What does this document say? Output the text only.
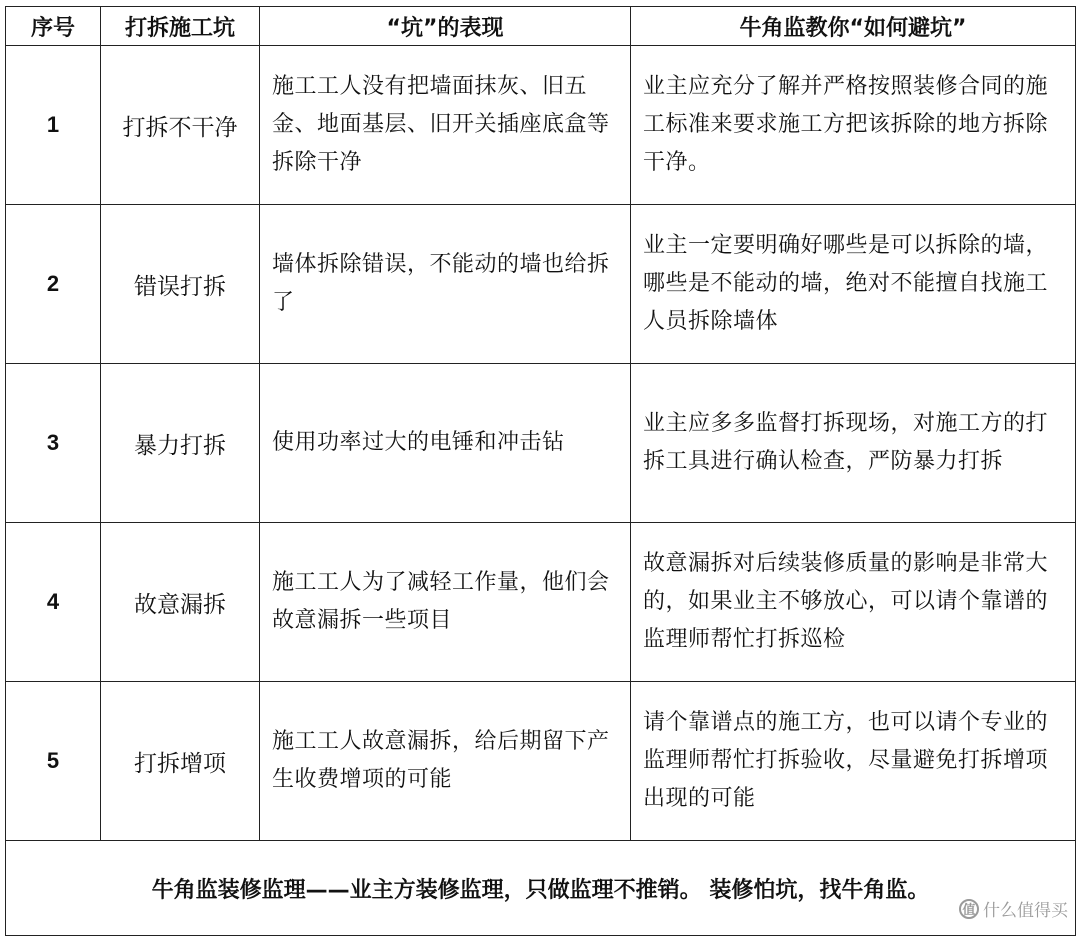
序号	打拆施工坑	“坑”的表现	牛角监教你“如何避坑”
1	打拆不干净	施工工人没有把墙面抹灰、旧五金、地面基层、旧开关插座底盒等拆除干净	业主应充分了解并严格按照装修合同的施工标准来要求施工方把该拆除的地方拆除干净。
2	错误打拆	墙体拆除错误，不能动的墙也给拆了	业主一定要明确好哪些是可以拆除的墙，哪些是不能动的墙，绝对不能擅自找施工人员拆除墙体
3	暴力打拆	使用功率过大的电锤和冲击钻	业主应多多监督打拆现场，对施工方的打拆工具进行确认检查，严防暴力打拆
4	故意漏拆	施工工人为了减轻工作量，他们会故意漏拆一些项目	故意漏拆对后续装修质量的影响是非常大的，如果业主不够放心，可以请个靠谱的监理师帮忙打拆巡检
5	打拆增项	施工工人故意漏拆，给后期留下产生收费增项的可能	请个靠谱点的施工方，也可以请个专业的监理师帮忙打拆验收，尽量避免打拆增项出现的可能
牛角监装修监理——业主方装修监理，只做监理不推销。 装修怕坑，找牛角监。			
值 什么值得买
